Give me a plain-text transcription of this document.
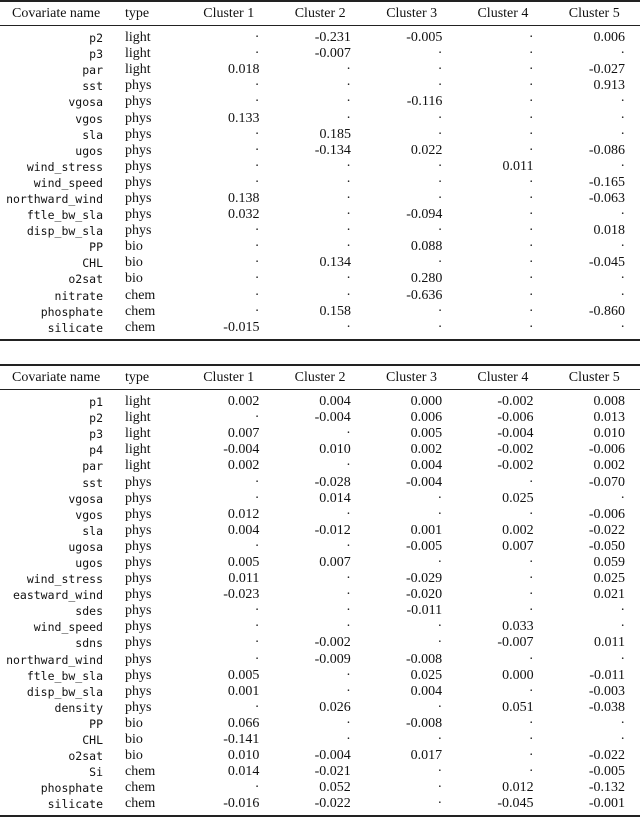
Covariate name	type	Cluster 1	Cluster 2	Cluster 3	Cluster 4	Cluster 5
p2	light	·	-0.231	-0.005	·	0.006
p3	light	·	-0.007	·	·	·
par	light	0.018	·	·	·	-0.027
sst	phys	·	·	·	·	0.913
vgosa	phys	·	·	-0.116	·	·
vgos	phys	0.133	·	·	·	·
sla	phys	·	0.185	·	·	·
ugos	phys	·	-0.134	0.022	·	-0.086
wind_stress	phys	·	·	·	0.011	·
wind_speed	phys	·	·	·	·	-0.165
northward_wind	phys	0.138	·	·	·	-0.063
ftle_bw_sla	phys	0.032	·	-0.094	·	·
disp_bw_sla	phys	·	·	·	·	0.018
PP	bio	·	·	0.088	·	·
CHL	bio	·	0.134	·	·	-0.045
o2sat	bio	·	·	0.280	·	·
nitrate	chem	·	·	-0.636	·	·
phosphate	chem	·	0.158	·	·	-0.860
silicate	chem	-0.015	·	·	·	·
Covariate name	type	Cluster 1	Cluster 2	Cluster 3	Cluster 4	Cluster 5
p1	light	0.002	0.004	0.000	-0.002	0.008
p2	light	·	-0.004	0.006	-0.006	0.013
p3	light	0.007	·	0.005	-0.004	0.010
p4	light	-0.004	0.010	0.002	-0.002	-0.006
par	light	0.002	·	0.004	-0.002	0.002
sst	phys	·	-0.028	-0.004	·	-0.070
vgosa	phys	·	0.014	·	0.025	·
vgos	phys	0.012	·	·	·	-0.006
sla	phys	0.004	-0.012	0.001	0.002	-0.022
ugosa	phys	·	·	-0.005	0.007	-0.050
ugos	phys	0.005	0.007	·	·	0.059
wind_stress	phys	0.011	·	-0.029	·	0.025
eastward_wind	phys	-0.023	·	-0.020	·	0.021
sdes	phys	·	·	-0.011	·	·
wind_speed	phys	·	·	·	0.033	·
sdns	phys	·	-0.002	·	-0.007	0.011
northward_wind	phys	·	-0.009	-0.008	·	·
ftle_bw_sla	phys	0.005	·	0.025	0.000	-0.011
disp_bw_sla	phys	0.001	·	0.004	·	-0.003
density	phys	·	0.026	·	0.051	-0.038
PP	bio	0.066	·	-0.008	·	·
CHL	bio	-0.141	·	·	·	·
o2sat	bio	0.010	-0.004	0.017	·	-0.022
Si	chem	0.014	-0.021	·	·	-0.005
phosphate	chem	·	0.052	·	0.012	-0.132
silicate	chem	-0.016	-0.022	·	-0.045	-0.001
